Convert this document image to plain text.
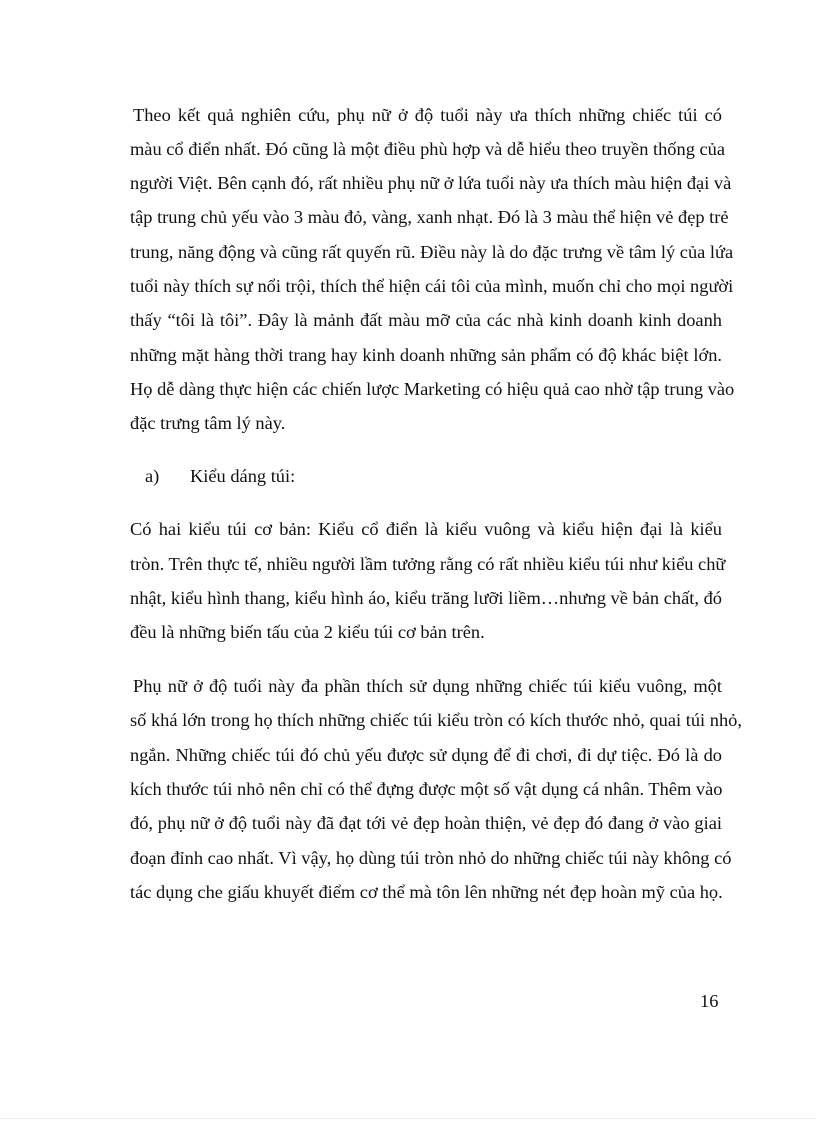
Theo kết quả nghiên cứu, phụ nữ ở độ tuổi này ưa thích những chiếc túi có
màu cổ điển nhất. Đó cũng là một điều phù hợp và dễ hiểu theo truyền thống của
người Việt. Bên cạnh đó, rất nhiều phụ nữ ở lứa tuổi này ưa thích màu hiện đại và
tập trung chủ yếu vào 3 màu đỏ, vàng, xanh nhạt. Đó là 3 màu thể hiện vẻ đẹp trẻ
trung, năng động và cũng rất quyến rũ. Điều này là do đặc trưng về tâm lý của lứa
tuổi này thích sự nổi trội, thích thể hiện cái tôi của mình, muốn chỉ cho mọi người
thấy “tôi là tôi”. Đây là mảnh đất màu mỡ của các nhà kinh doanh kinh doanh
những mặt hàng thời trang hay kinh doanh những sản phẩm có độ khác biệt lớn.
Họ dễ dàng thực hiện các chiến lược Marketing có hiệu quả cao nhờ tập trung vào
đặc trưng tâm lý này.
a) Kiểu dáng túi:
Có hai kiểu túi cơ bản: Kiểu cổ điển là kiểu vuông và kiểu hiện đại là kiểu
tròn. Trên thực tế, nhiều người lầm tưởng rằng có rất nhiều kiểu túi như kiểu chữ
nhật, kiểu hình thang, kiểu hình áo, kiểu trăng lưỡi liềm…nhưng về bản chất, đó
đều là những biến tấu của 2 kiểu túi cơ bản trên.
Phụ nữ ở độ tuổi này đa phần thích sử dụng những chiếc túi kiểu vuông, một
số khá lớn trong họ thích những chiếc túi kiểu tròn có kích thước nhỏ, quai túi nhỏ,
ngắn. Những chiếc túi đó chủ yếu được sử dụng để đi chơi, đi dự tiệc. Đó là do
kích thước túi nhỏ nên chỉ có thể đựng được một số vật dụng cá nhân. Thêm vào
đó, phụ nữ ở độ tuổi này đã đạt tới vẻ đẹp hoàn thiện, vẻ đẹp đó đang ở vào giai
đoạn đỉnh cao nhất. Vì vậy, họ dùng túi tròn nhỏ do những chiếc túi này không có
tác dụng che giấu khuyết điểm cơ thể mà tôn lên những nét đẹp hoàn mỹ của họ.
16
